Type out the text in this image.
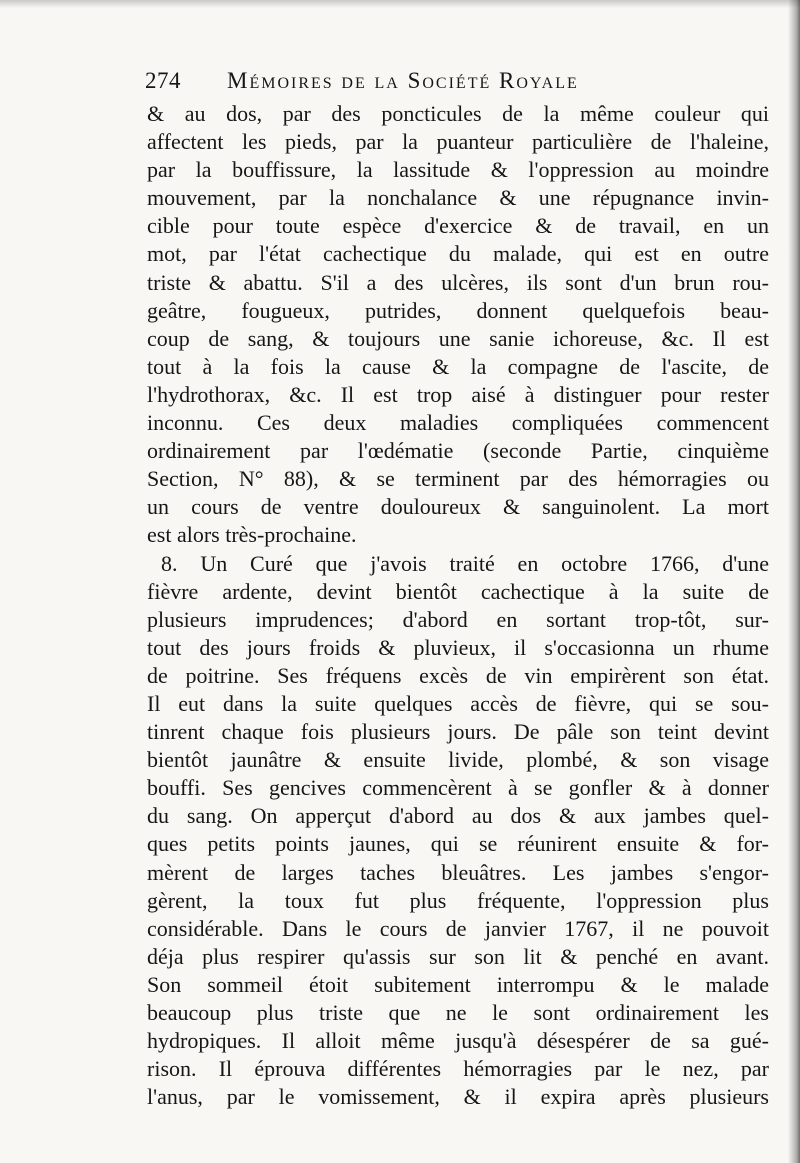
274 Mémoires de la Société Royale
& au dos, par des poncticules de la même couleur qui
affectent les pieds, par la puanteur particulière de l'haleine,
par la bouffissure, la lassitude & l'oppression au moindre
mouvement, par la nonchalance & une répugnance invin-
cible pour toute espèce d'exercice & de travail, en un
mot, par l'état cachectique du malade, qui est en outre
triste & abattu. S'il a des ulcères, ils sont d'un brun rou-
geâtre, fougueux, putrides, donnent quelquefois beau-
coup de sang, & toujours une sanie ichoreuse, &c. Il est
tout à la fois la cause & la compagne de l'ascite, de
l'hydrothorax, &c. Il est trop aisé à distinguer pour rester
inconnu. Ces deux maladies compliquées commencent
ordinairement par l'œdématie (seconde Partie, cinquième
Section, N° 88), & se terminent par des hémorragies ou
un cours de ventre douloureux & sanguinolent. La mort
est alors très-prochaine.
8. Un Curé que j'avois traité en octobre 1766, d'une
fièvre ardente, devint bientôt cachectique à la suite de
plusieurs imprudences; d'abord en sortant trop-tôt, sur-
tout des jours froids & pluvieux, il s'occasionna un rhume
de poitrine. Ses fréquens excès de vin empirèrent son état.
Il eut dans la suite quelques accès de fièvre, qui se sou-
tinrent chaque fois plusieurs jours. De pâle son teint devint
bientôt jaunâtre & ensuite livide, plombé, & son visage
bouffi. Ses gencives commencèrent à se gonfler & à donner
du sang. On apperçut d'abord au dos & aux jambes quel-
ques petits points jaunes, qui se réunirent ensuite & for-
mèrent de larges taches bleuâtres. Les jambes s'engor-
gèrent, la toux fut plus fréquente, l'oppression plus
considérable. Dans le cours de janvier 1767, il ne pouvoit
déja plus respirer qu'assis sur son lit & penché en avant.
Son sommeil étoit subitement interrompu & le malade
beaucoup plus triste que ne le sont ordinairement les
hydropiques. Il alloit même jusqu'à désespérer de sa gué-
rison. Il éprouva différentes hémorragies par le nez, par
l'anus, par le vomissement, & il expira après plusieurs
